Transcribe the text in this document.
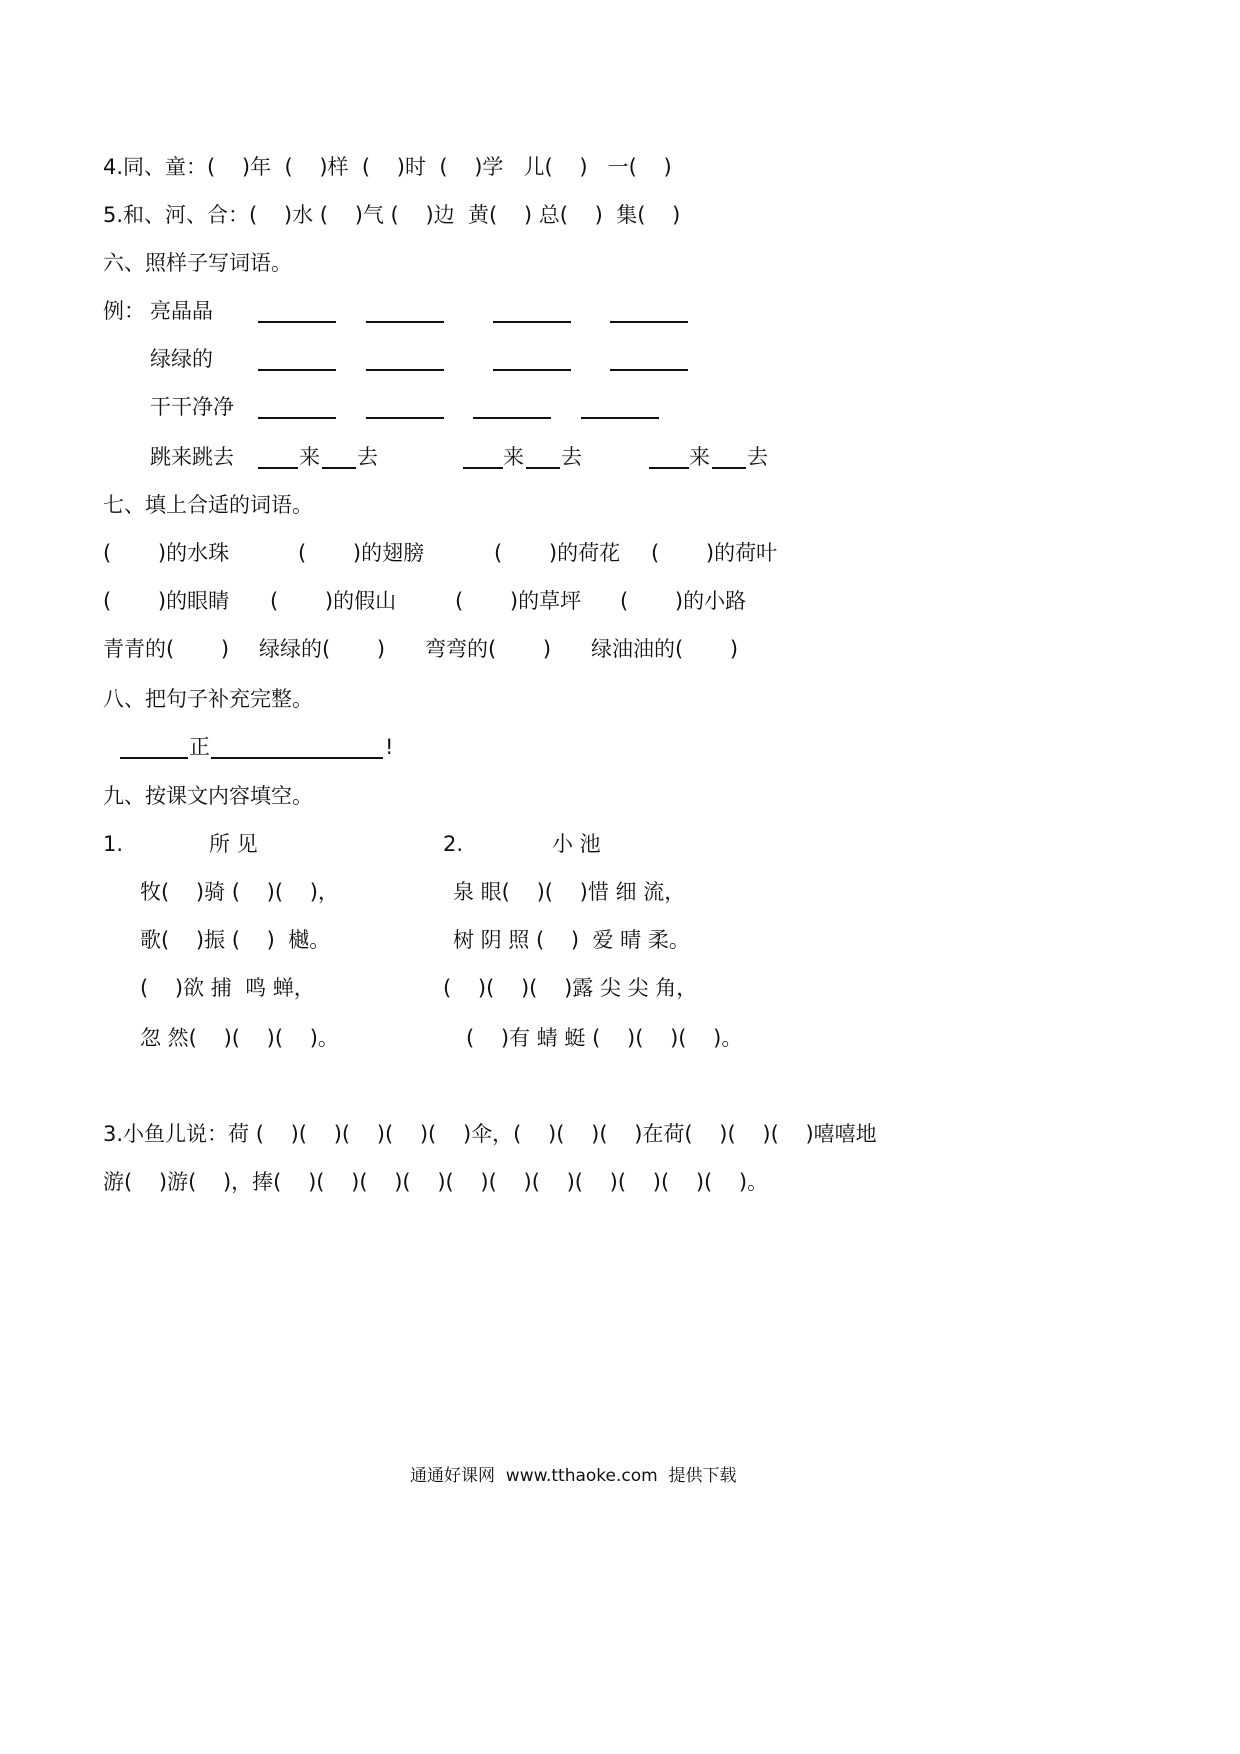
4.同、童：(    )年  (    )样  (    )时  (    )学   儿(    )   一(    )
5.和、河、合：(    )水 (    )气 (    )边  黄(    ) 总(    )  集(    )
六、照样子写词语。
例： 亮晶晶
绿绿的
干干净净
跳来跳去	来 去	来 去	来 去
七、填上合适的词语。
(       )的水珠	(       )的翅膀	(       )的荷花 (       )的荷叶
(       )的眼睛 (       )的假山	(       )的草坪 (       )的小路
青青的(       ) 绿绿的(       ) 弯弯的(       ) 绿油油的(       )
八、把句子补充完整。
正	!
九、按课文内容填空。
1.	所 见	2.	小 池
牧(    )骑 (    )(    )，
歌(    )振 (    )  樾。
(    )欲 捕  鸣 蝉，
忽 然(    )(    )(    )。
泉 眼(    )(    )惜 细 流，
树 阴 照 (    )  爱 晴 柔。
(    )(    )(    )露 尖 尖 角，
(    )有 蜻 蜓 (    )(    )(    )。
3.小鱼儿说：荷 (    )(    )(    )(    )(    )伞，(    )(    )(    )在荷(    )(    )(    )嘻嘻地
游(    )游(    )，捧(    )(    )(    )(    )(    )(    )(    )(    )(    )(    )(    )。
通通好课网  www.tthaoke.com  提供下载
